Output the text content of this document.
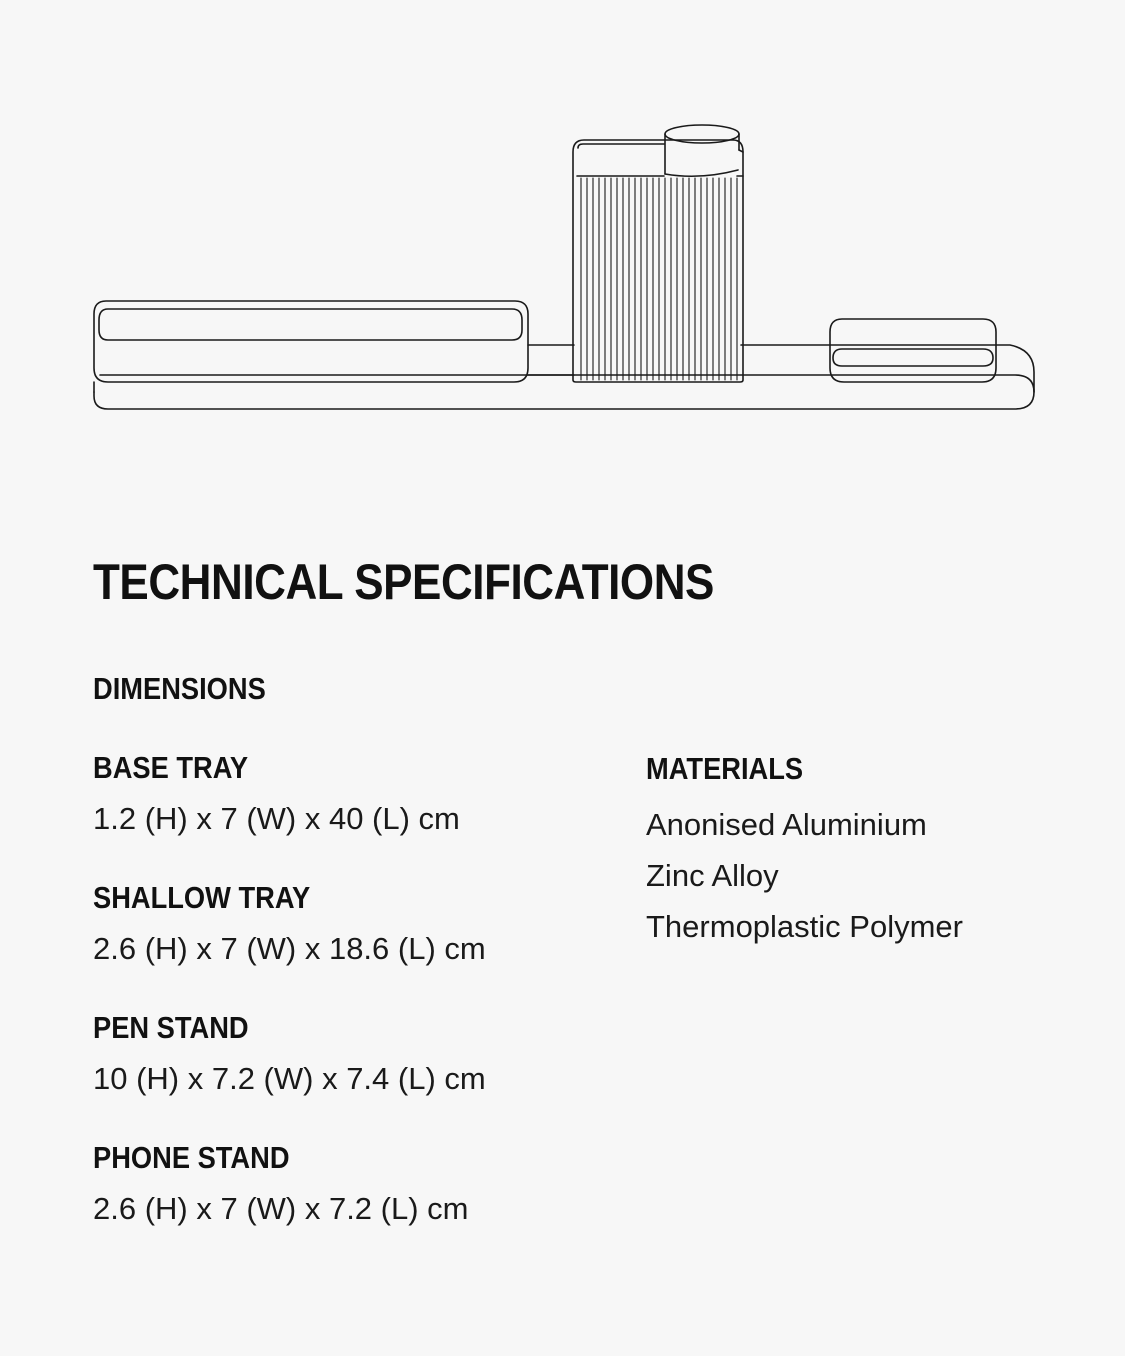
TECHNICAL SPECIFICATIONS
DIMENSIONS
BASE TRAY

1.2 (H) x 7 (W) x 40 (L) cm

SHALLOW TRAY

2.6 (H) x 7 (W) x 18.6 (L) cm

PEN STAND

10 (H) x 7.2 (W) x 7.4 (L) cm

PHONE STAND

2.6 (H) x 7 (W) x 7.2 (L) cm

MATERIALS
Anonised Aluminium
Zinc Alloy
Thermoplastic Polymer
